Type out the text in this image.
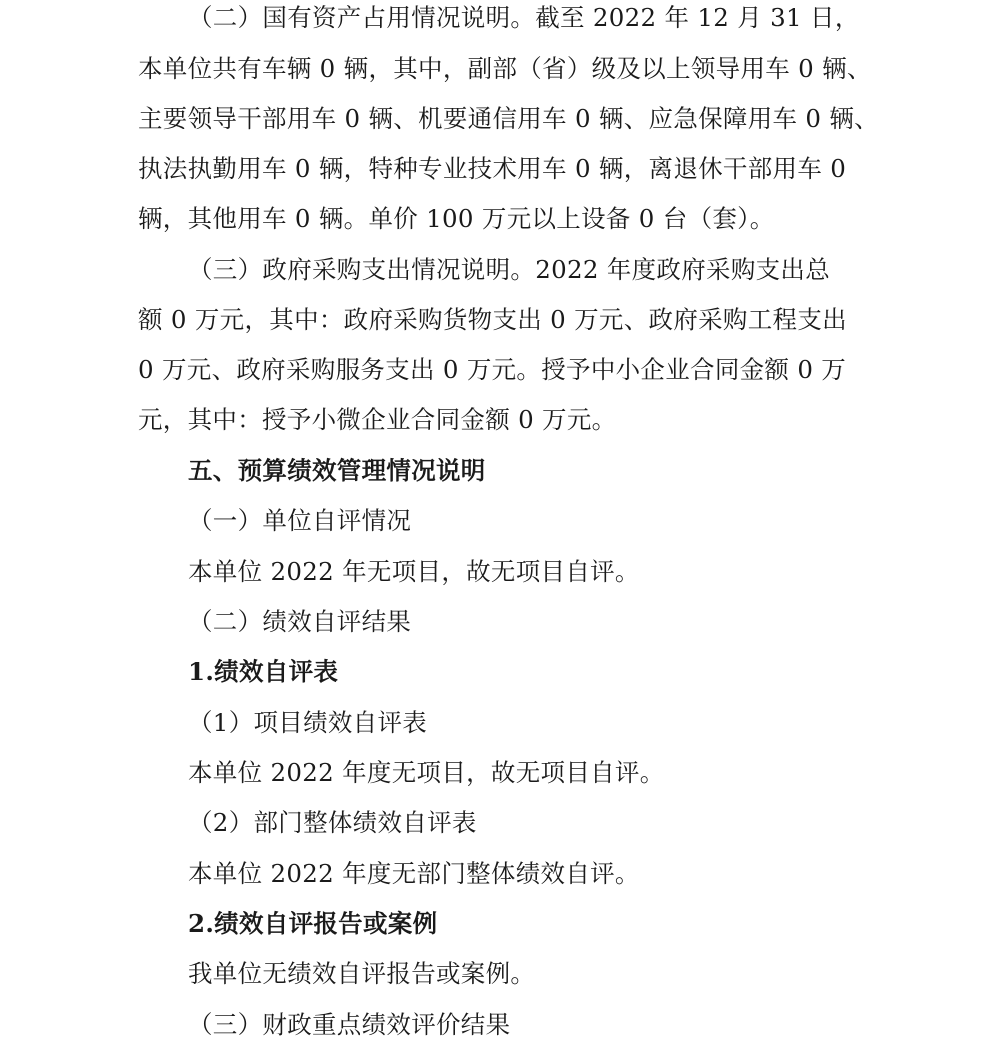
（二）国有资产占用情况说明。截至 2022 年 12 月 31 日，
本单位共有车辆 0 辆，其中，副部（省）级及以上领导用车 0 辆、
主要领导干部用车 0 辆、机要通信用车 0 辆、应急保障用车 0 辆、
执法执勤用车 0 辆，特种专业技术用车 0 辆，离退休干部用车 0
辆，其他用车 0 辆。单价 100 万元以上设备 0 台（套）。
（三）政府采购支出情况说明。2022 年度政府采购支出总
额 0 万元，其中：政府采购货物支出 0 万元、政府采购工程支出
0 万元、政府采购服务支出 0 万元。授予中小企业合同金额 0 万
元，其中：授予小微企业合同金额 0 万元。
五、预算绩效管理情况说明
（一）单位自评情况
本单位 2022 年无项目，故无项目自评。
（二）绩效自评结果
1.绩效自评表
（1）项目绩效自评表
本单位 2022 年度无项目，故无项目自评。
（2）部门整体绩效自评表
本单位 2022 年度无部门整体绩效自评。
2.绩效自评报告或案例
我单位无绩效自评报告或案例。
（三）财政重点绩效评价结果
